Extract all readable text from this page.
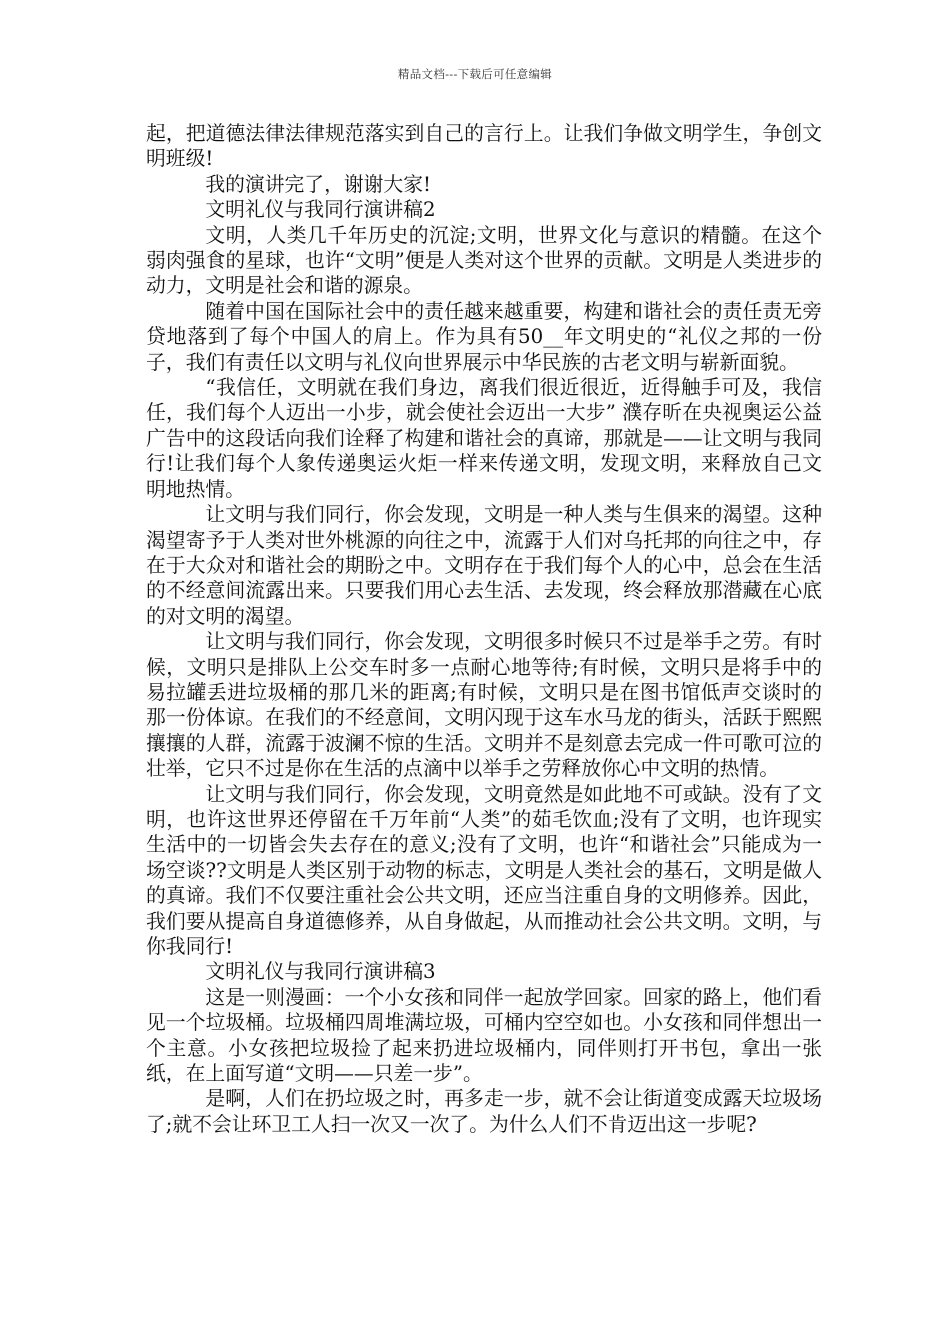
精品文档---下载后可任意编辑

起，把道德法律法律规范落实到自己的言行上。让我们争做文明学生，争创文明班级!

我的演讲完了，谢谢大家!

文明礼仪与我同行演讲稿2

文明，人类几千年历史的沉淀;文明，世界文化与意识的精髓。在这个弱肉强食的星球，也许“文明”便是人类对这个世界的贡献。文明是人类进步的动力，文明是社会和谐的源泉。

随着中国在国际社会中的责任越来越重要，构建和谐社会的责任责无旁贷地落到了每个中国人的肩上。作为具有50__年文明史的“礼仪之邦的一份子，我们有责任以文明与礼仪向世界展示中华民族的古老文明与崭新面貌。

“我信任，文明就在我们身边，离我们很近很近，近得触手可及，我信任，我们每个人迈出一小步，就会使社会迈出一大步” 濮存昕在央视奥运公益广告中的这段话向我们诠释了构建和谐社会的真谛，那就是——让文明与我同行!让我们每个人象传递奥运火炬一样来传递文明，发现文明，来释放自己文明地热情。

让文明与我们同行，你会发现，文明是一种人类与生俱来的渴望。这种渴望寄予于人类对世外桃源的向往之中，流露于人们对乌托邦的向往之中，存在于大众对和谐社会的期盼之中。文明存在于我们每个人的心中，总会在生活的不经意间流露出来。只要我们用心去生活、去发现，终会释放那潜藏在心底的对文明的渴望。

让文明与我们同行，你会发现，文明很多时候只不过是举手之劳。有时候，文明只是排队上公交车时多一点耐心地等待;有时候，文明只是将手中的易拉罐丢进垃圾桶的那几米的距离;有时候，文明只是在图书馆低声交谈时的那一份体谅。在我们的不经意间，文明闪现于这车水马龙的街头，活跃于熙熙攘攘的人群，流露于波澜不惊的生活。文明并不是刻意去完成一件可歌可泣的壮举，它只不过是你在生活的点滴中以举手之劳释放你心中文明的热情。

让文明与我们同行，你会发现，文明竟然是如此地不可或缺。没有了文明，也许这世界还停留在千万年前“人类”的茹毛饮血;没有了文明，也许现实生活中的一切皆会失去存在的意义;没有了文明，也许“和谐社会”只能成为一场空谈??文明是人类区别于动物的标志，文明是人类社会的基石，文明是做人的真谛。我们不仅要注重社会公共文明，还应当注重自身的文明修养。因此，我们要从提高自身道德修养，从自身做起，从而推动社会公共文明。文明，与你我同行!

文明礼仪与我同行演讲稿3

这是一则漫画：一个小女孩和同伴一起放学回家。回家的路上，他们看见一个垃圾桶。垃圾桶四周堆满垃圾，可桶内空空如也。小女孩和同伴想出一个主意。小女孩把垃圾捡了起来扔进垃圾桶内，同伴则打开书包，拿出一张纸，在上面写道“文明——只差一步”。

是啊，人们在扔垃圾之时，再多走一步，就不会让街道变成露天垃圾场了;就不会让环卫工人扫一次又一次了。为什么人们不肯迈出这一步呢?
